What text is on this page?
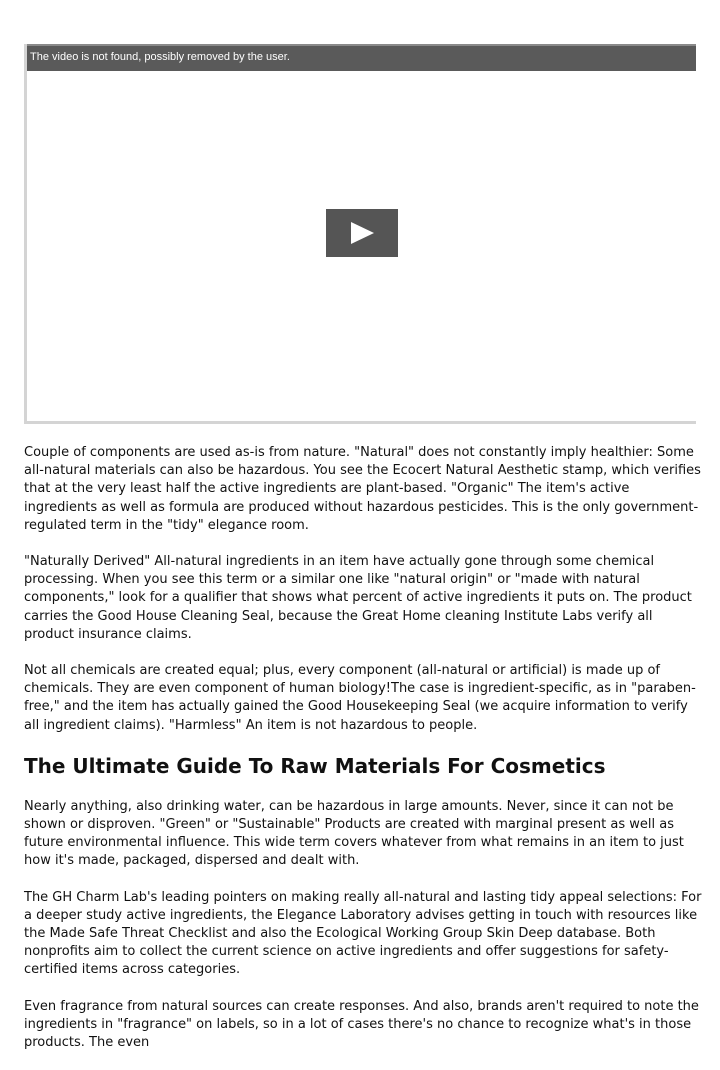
The video is not found, possibly removed by the user.

Couple of components are used as-is from nature. "Natural" does not constantly imply healthier: Some all-natural materials can also be hazardous. You see the Ecocert Natural Aesthetic stamp, which verifies that at the very least half the active ingredients are plant-based. "Organic" The item's active ingredients as well as formula are produced without hazardous pesticides. This is the only government-regulated term in the "tidy" elegance room.

"Naturally Derived" All-natural ingredients in an item have actually gone through some chemical processing. When you see this term or a similar one like "natural origin" or "made with natural components," look for a qualifier that shows what percent of active ingredients it puts on. The product carries the Good House Cleaning Seal, because the Great Home cleaning Institute Labs verify all product insurance claims.

Not all chemicals are created equal; plus, every component (all-natural or artificial) is made up of chemicals. They are even component of human biology!The case is ingredient-specific, as in "paraben-free," and the item has actually gained the Good Housekeeping Seal (we acquire information to verify all ingredient claims). "Harmless" An item is not hazardous to people.

The Ultimate Guide To Raw Materials For Cosmetics

Nearly anything, also drinking water, can be hazardous in large amounts. Never, since it can not be shown or disproven. "Green" or "Sustainable" Products are created with marginal present as well as future environmental influence. This wide term covers whatever from what remains in an item to just how it's made, packaged, dispersed and dealt with.

The GH Charm Lab's leading pointers on making really all-natural and lasting tidy appeal selections: For a deeper study active ingredients, the Elegance Laboratory advises getting in touch with resources like the Made Safe Threat Checklist and also the Ecological Working Group Skin Deep database. Both nonprofits aim to collect the current science on active ingredients and offer suggestions for safety-certified items across categories.

Even fragrance from natural sources can create responses. And also, brands aren't required to note the ingredients in "fragrance" on labels, so in a lot of cases there's no chance to recognize what's in those products. The even
